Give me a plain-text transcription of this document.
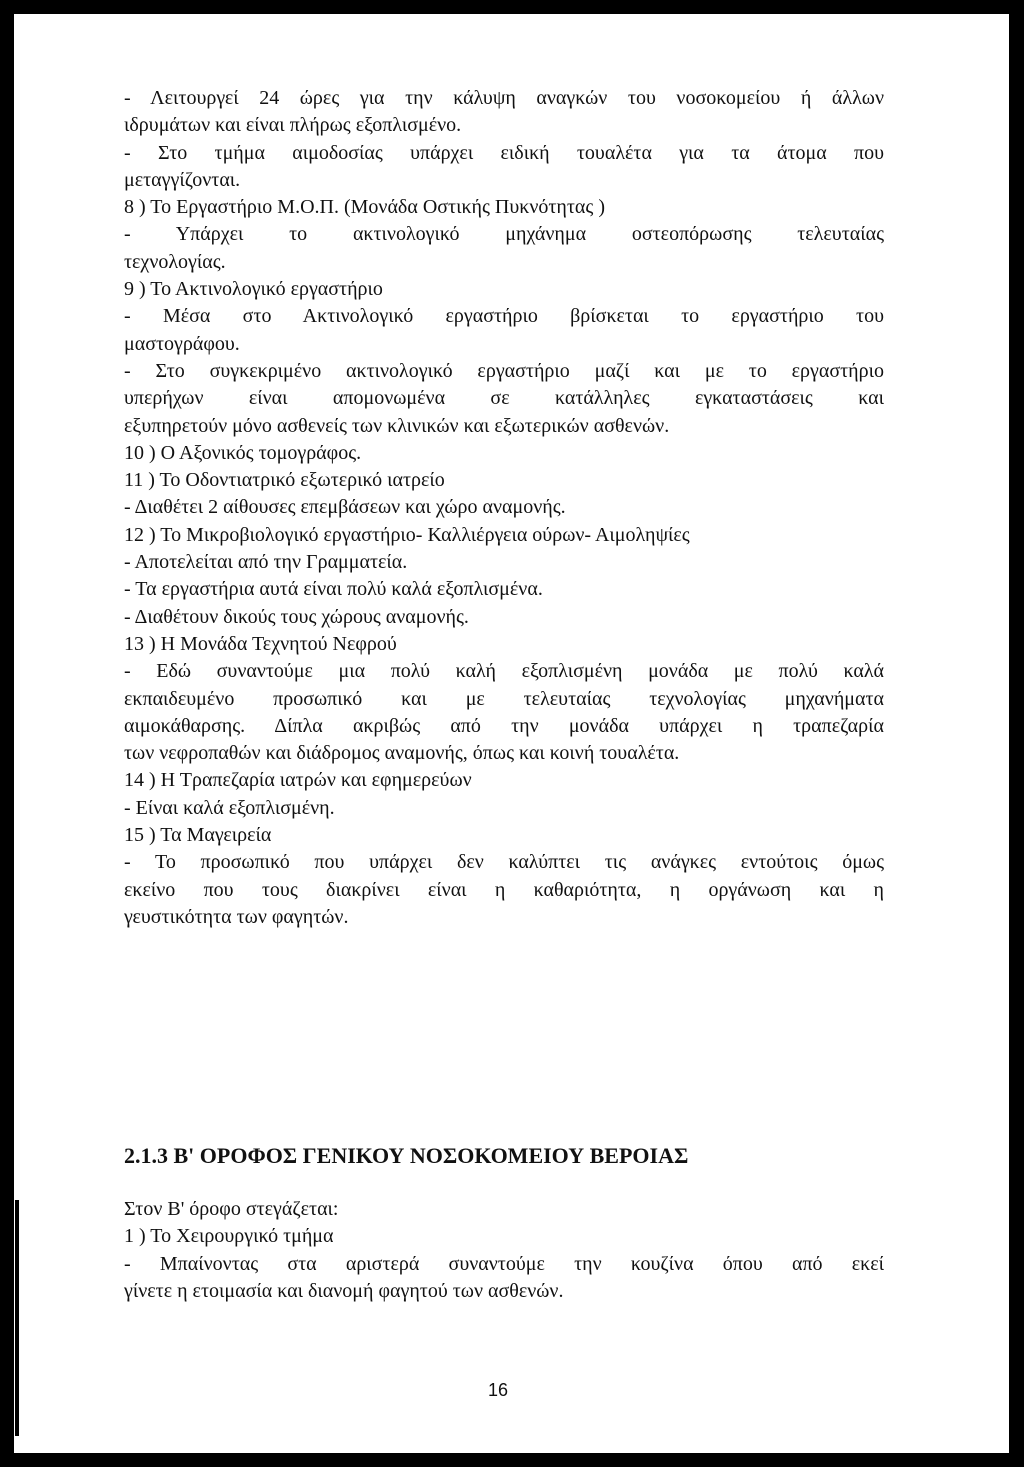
- Λειτουργεί 24 ώρες για την κάλυψη αναγκών του νοσοκομείου ή άλλων

ιδρυμάτων και είναι πλήρως εξοπλισμένο.

- Στο τμήμα αιμοδοσίας υπάρχει ειδική τουαλέτα για τα άτομα που

μεταγγίζονται.

8 ) Το Εργαστήριο Μ.Ο.Π. (Μονάδα Οστικής Πυκνότητας )

- Υπάρχει το ακτινολογικό μηχάνημα οστεοπόρωσης τελευταίας

τεχνολογίας.

9 ) Το Ακτινολογικό εργαστήριο

- Μέσα στο Ακτινολογικό εργαστήριο βρίσκεται το εργαστήριο του

μαστογράφου.

- Στο συγκεκριμένο ακτινολογικό εργαστήριο μαζί και με το εργαστήριο

υπερήχων είναι απομονωμένα σε κατάλληλες εγκαταστάσεις και

εξυπηρετούν μόνο ασθενείς των κλινικών και εξωτερικών ασθενών.

10 ) Ο Αξονικός τομογράφος.

11 ) Το Οδοντιατρικό εξωτερικό ιατρείο

- Διαθέτει 2 αίθουσες επεμβάσεων και χώρο αναμονής.

12 ) Το Μικροβιολογικό εργαστήριο- Καλλιέργεια ούρων- Αιμοληψίες

- Αποτελείται από την Γραμματεία.

- Τα εργαστήρια αυτά είναι πολύ καλά εξοπλισμένα.

- Διαθέτουν δικούς τους χώρους αναμονής.

13 ) Η Μονάδα Τεχνητού Νεφρού

- Εδώ συναντούμε μια πολύ καλή εξοπλισμένη μονάδα με πολύ καλά

εκπαιδευμένο προσωπικό και με τελευταίας τεχνολογίας μηχανήματα

αιμοκάθαρσης. Δίπλα ακριβώς από την μονάδα υπάρχει η τραπεζαρία

των νεφροπαθών και διάδρομος αναμονής, όπως και κοινή τουαλέτα.

14 ) Η Τραπεζαρία ιατρών και εφημερεύων

- Είναι καλά εξοπλισμένη.

15 ) Τα Μαγειρεία

- Το προσωπικό που υπάρχει δεν καλύπτει τις ανάγκες εντούτοις όμως

εκείνο που τους διακρίνει είναι η καθαριότητα, η οργάνωση και η

γευστικότητα των φαγητών.

2.1.3 Β' ΟΡΟΦΟΣ ΓΕΝΙΚΟΥ ΝΟΣΟΚΟΜΕΙΟΥ ΒΕΡΟΙΑΣ

Στον Β' όροφο στεγάζεται:

1 ) Το Χειρουργικό τμήμα

- Μπαίνοντας στα αριστερά συναντούμε την κουζίνα όπου από εκεί

γίνετε η ετοιμασία και διανομή φαγητού των ασθενών.

16
